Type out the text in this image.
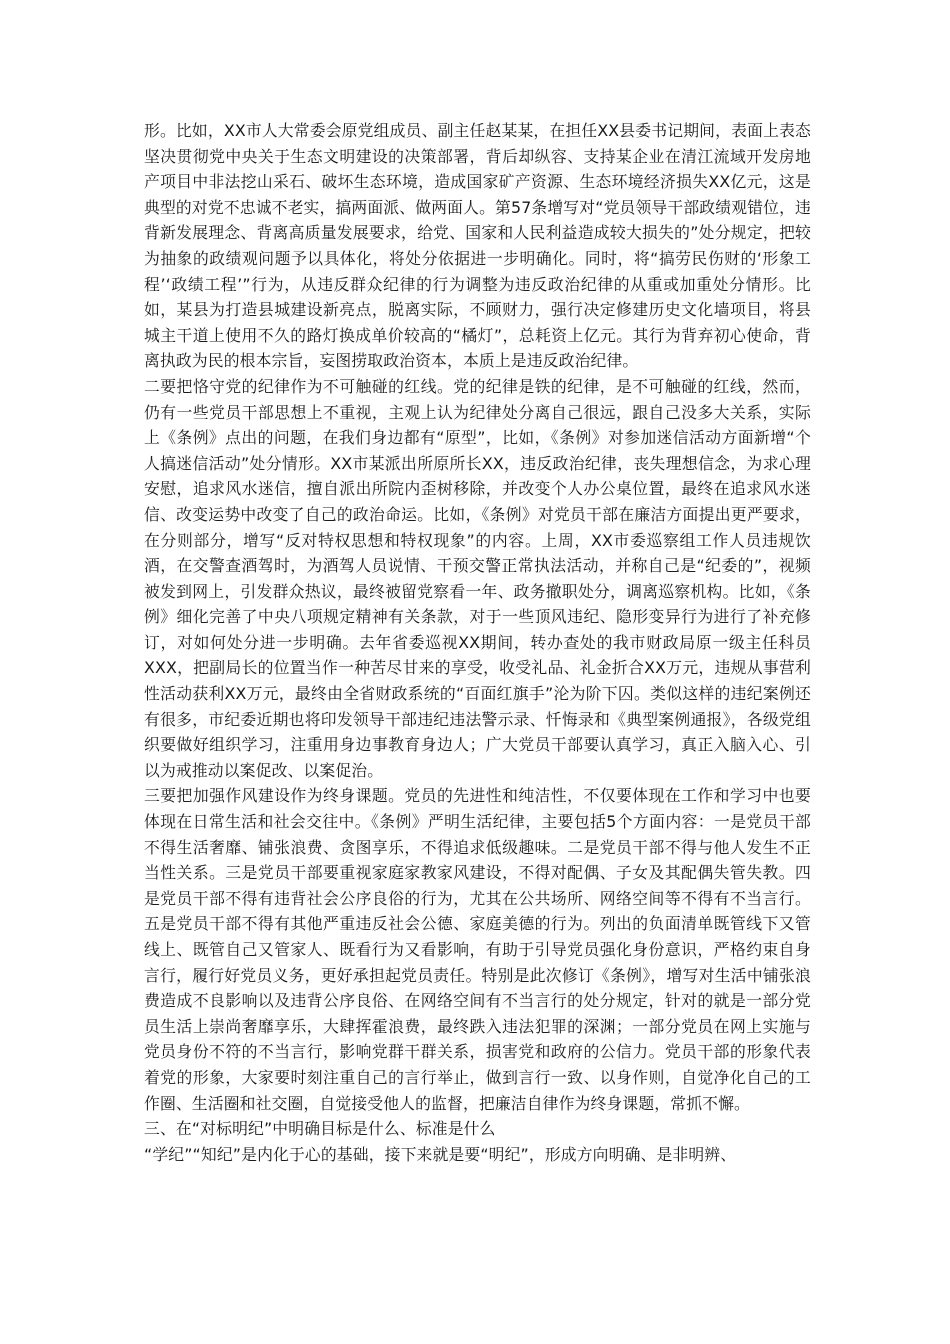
形。比如，XX市人大常委会原党组成员、副主任赵某某，在担任XX县委书记期间，表面上表态坚决贯彻党中央关于生态文明建设的决策部署，背后却纵容、支持某企业在清江流域开发房地产项目中非法挖山采石、破坏生态环境，造成国家矿产资源、生态环境经济损失XX亿元，这是典型的对党不忠诚不老实，搞两面派、做两面人。第57条增写对“党员领导干部政绩观错位，违背新发展理念、背离高质量发展要求，给党、国家和人民利益造成较大损失的”处分规定，把较为抽象的政绩观问题予以具体化，将处分依据进一步明确化。同时，将“搞劳民伤财的‘形象工程’‘政绩工程’”行为，从违反群众纪律的行为调整为违反政治纪律的从重或加重处分情形。比如，某县为打造县城建设新亮点，脱离实际，不顾财力，强行决定修建历史文化墙项目，将县城主干道上使用不久的路灯换成单价较高的“橘灯”，总耗资上亿元。其行为背弃初心使命，背离执政为民的根本宗旨，妄图捞取政治资本，本质上是违反政治纪律。

二要把恪守党的纪律作为不可触碰的红线。党的纪律是铁的纪律，是不可触碰的红线，然而，仍有一些党员干部思想上不重视，主观上认为纪律处分离自己很远，跟自己没多大关系，实际上《条例》点出的问题，在我们身边都有“原型”，比如，《条例》对参加迷信活动方面新增“个人搞迷信活动”处分情形。XX市某派出所原所长XX，违反政治纪律，丧失理想信念，为求心理安慰，追求风水迷信，擅自派出所院内歪树移除，并改变个人办公桌位置，最终在追求风水迷信、改变运势中改变了自己的政治命运。比如，《条例》对党员干部在廉洁方面提出更严要求，在分则部分，增写“反对特权思想和特权现象”的内容。上周，XX市委巡察组工作人员违规饮酒，在交警查酒驾时，为酒驾人员说情、干预交警正常执法活动，并称自己是“纪委的”，视频被发到网上，引发群众热议，最终被留党察看一年、政务撤职处分，调离巡察机构。比如，《条例》细化完善了中央八项规定精神有关条款，对于一些顶风违纪、隐形变异行为进行了补充修订，对如何处分进一步明确。去年省委巡视XX期间，转办查处的我市财政局原一级主任科员XXX，把副局长的位置当作一种苦尽甘来的享受，收受礼品、礼金折合XX万元，违规从事营利性活动获利XX万元，最终由全省财政系统的“百面红旗手”沦为阶下囚。类似这样的违纪案例还有很多，市纪委近期也将印发领导干部违纪违法警示录、忏悔录和《典型案例通报》，各级党组织要做好组织学习，注重用身边事教育身边人；广大党员干部要认真学习，真正入脑入心、引以为戒推动以案促改、以案促治。

三要把加强作风建设作为终身课题。党员的先进性和纯洁性，不仅要体现在工作和学习中也要体现在日常生活和社会交往中。《条例》严明生活纪律，主要包括5个方面内容：一是党员干部不得生活奢靡、铺张浪费、贪图享乐，不得追求低级趣味。二是党员干部不得与他人发生不正当性关系。三是党员干部要重视家庭家教家风建设，不得对配偶、子女及其配偶失管失教。四是党员干部不得有违背社会公序良俗的行为，尤其在公共场所、网络空间等不得有不当言行。五是党员干部不得有其他严重违反社会公德、家庭美德的行为。列出的负面清单既管线下又管线上、既管自己又管家人、既看行为又看影响，有助于引导党员强化身份意识，严格约束自身言行，履行好党员义务，更好承担起党员责任。特别是此次修订《条例》，增写对生活中铺张浪费造成不良影响以及违背公序良俗、在网络空间有不当言行的处分规定，针对的就是一部分党员生活上崇尚奢靡享乐，大肆挥霍浪费，最终跌入违法犯罪的深渊；一部分党员在网上实施与党员身份不符的不当言行，影响党群干群关系，损害党和政府的公信力。党员干部的形象代表着党的形象，大家要时刻注重自己的言行举止，做到言行一致、以身作则，自觉净化自己的工作圈、生活圈和社交圈，自觉接受他人的监督，把廉洁自律作为终身课题，常抓不懈。

三、在“对标明纪”中明确目标是什么、标准是什么

“学纪”“知纪”是内化于心的基础，接下来就是要“明纪”，形成方向明确、是非明辨、
